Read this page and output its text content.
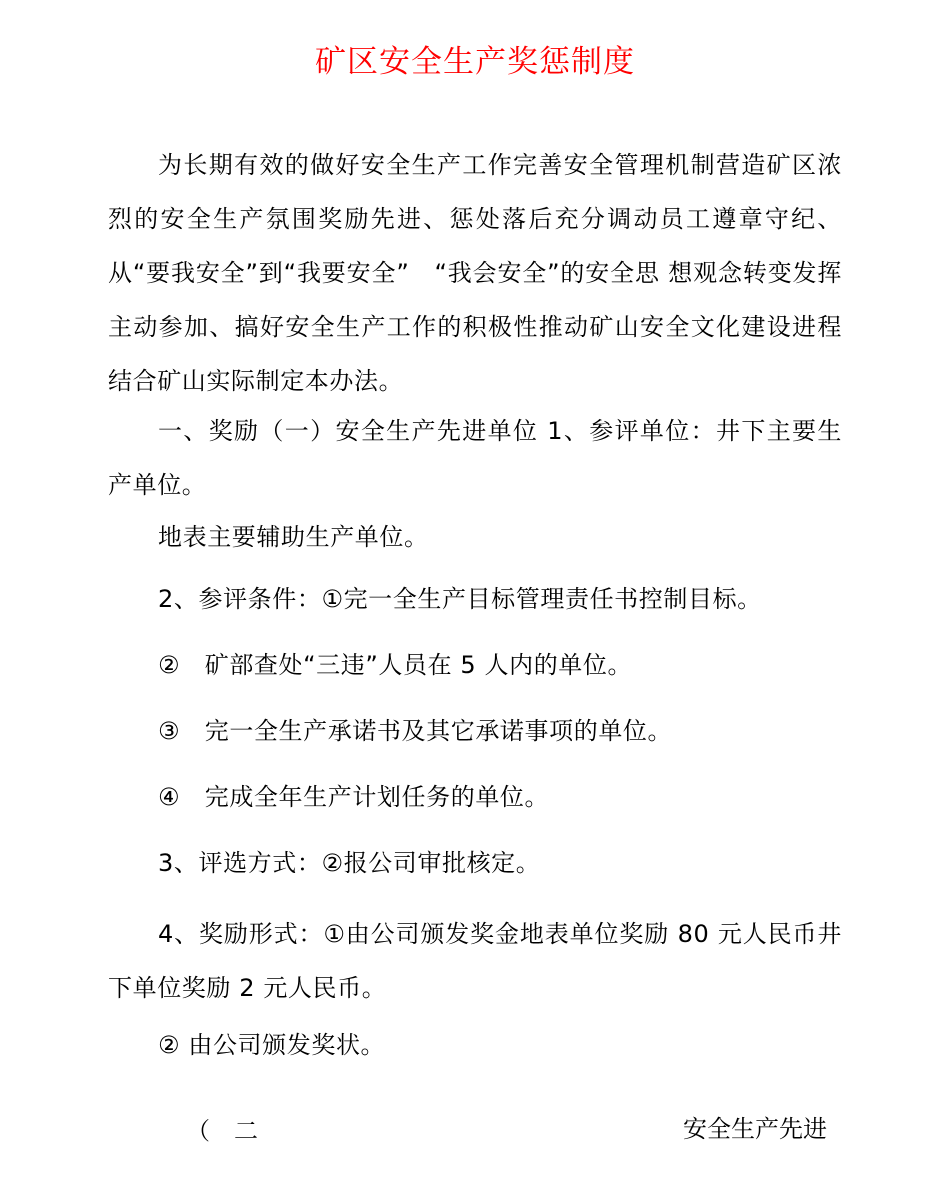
矿区安全生产奖惩制度

为长期有效的做好安全生产工作完善安全管理机制营造矿区浓烈的安全生产氛围奖励先进、惩处落后充分调动员工遵章守纪、从“要我安全”到“我要安全”　“我会安全”的安全思 想观念转变发挥主动参加、搞好安全生产工作的积极性推动矿山安全文化建设进程结合矿山实际制定本办法。

一、奖励（一）安全生产先进单位 1、参评单位：井下主要生产单位。

地表主要辅助生产单位。

2、参评条件：①完一全生产目标管理责任书控制目标。

②　矿部查处“三违”人员在 5 人内的单位。

③　完一全生产承诺书及其它承诺事项的单位。

④　完成全年生产计划任务的单位。

3、评选方式：②报公司审批核定。

4、奖励形式：①由公司颁发奖金地表单位奖励 80 元人民币井下单位奖励 2 元人民币。

② 由公司颁发奖状。

（　二	安全生产先进
